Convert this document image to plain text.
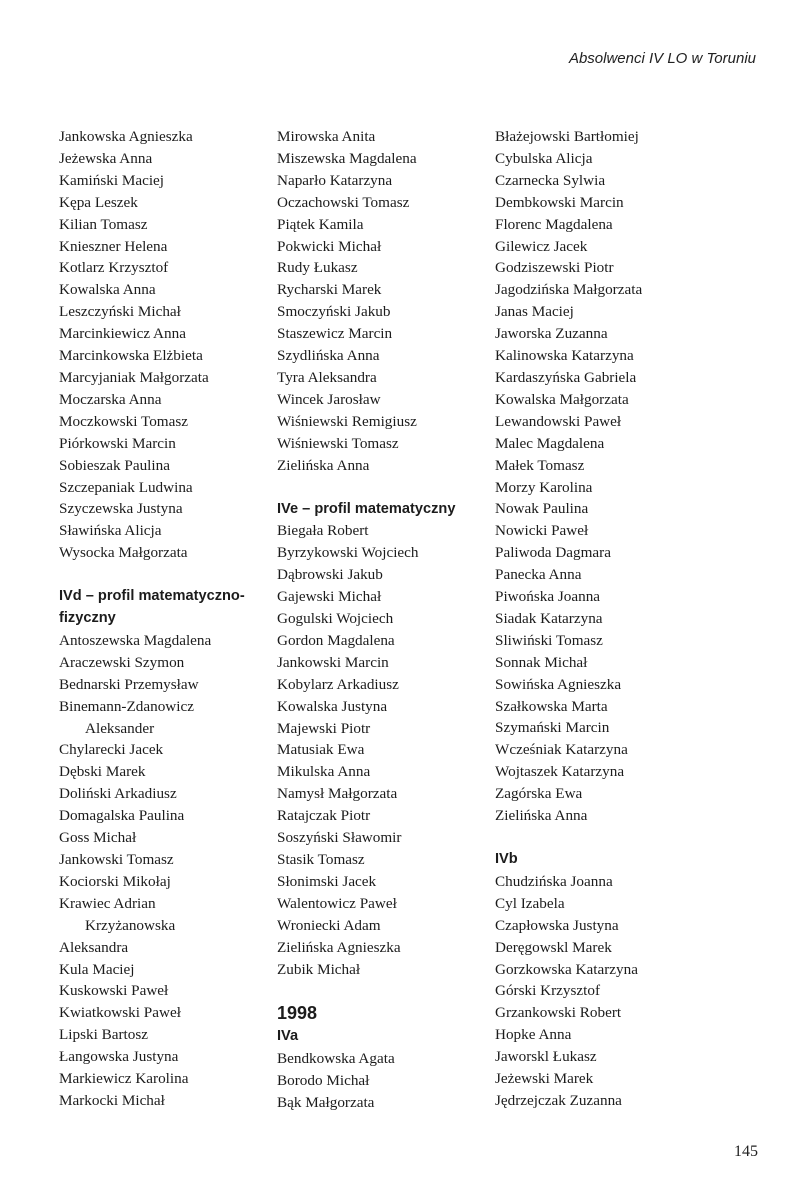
Absolwenci IV LO w Toruniu
Jankowska Agnieszka
Jeżewska Anna
Kamiński Maciej
Kępa Leszek
Kilian Tomasz
Knieszner Helena
Kotlarz Krzysztof
Kowalska Anna
Leszczyński Michał
Marcinkiewicz Anna
Marcinkowska Elżbieta
Marcyjaniak Małgorzata
Moczarska Anna
Moczkowski Tomasz
Piórkowski Marcin
Sobieszak Paulina
Szczepaniak Ludwina
Szyczewska Justyna
Sławińska Alicja
Wysocka Małgorzata
IVd – profil matematyczno-
fizyczny
Antoszewska Magdalena
Araczewski Szymon
Bednarski Przemysław
Binemann-Zdanowicz
Aleksander
Chylarecki Jacek
Dębski Marek
Doliński Arkadiusz
Domagalska Paulina
Goss Michał
Jankowski Tomasz
Kociorski Mikołaj
Krawiec Adrian
Krzyżanowska
Aleksandra
Kula Maciej
Kuskowski Paweł
Kwiatkowski Paweł
Lipski Bartosz
Łangowska Justyna
Markiewicz Karolina
Markocki Michał
Mirowska Anita
Miszewska Magdalena
Naparło Katarzyna
Oczachowski Tomasz
Piątek Kamila
Pokwicki Michał
Rudy Łukasz
Rycharski Marek
Smoczyński Jakub
Staszewicz Marcin
Szydlińska Anna
Tyra Aleksandra
Wincek Jarosław
Wiśniewski Remigiusz
Wiśniewski Tomasz
Zielińska Anna
IVe – profil matematyczny
Biegała Robert
Byrzykowski Wojciech
Dąbrowski Jakub
Gajewski Michał
Gogulski Wojciech
Gordon Magdalena
Jankowski Marcin
Kobylarz Arkadiusz
Kowalska Justyna
Majewski Piotr
Matusiak Ewa
Mikulska Anna
Namysł Małgorzata
Ratajczak Piotr
Soszyński Sławomir
Stasik Tomasz
Słonimski Jacek
Walentowicz Paweł
Wroniecki Adam
Zielińska Agnieszka
Zubik Michał
1998
IVa
Bendkowska Agata
Borodo Michał
Bąk Małgorzata
Błażejowski Bartłomiej
Cybulska Alicja
Czarnecka Sylwia
Dembkowski Marcin
Florenc Magdalena
Gilewicz Jacek
Godziszewski Piotr
Jagodzińska Małgorzata
Janas Maciej
Jaworska Zuzanna
Kalinowska Katarzyna
Kardaszyńska Gabriela
Kowalska Małgorzata
Lewandowski Paweł
Malec Magdalena
Małek Tomasz
Morzy Karolina
Nowak Paulina
Nowicki Paweł
Paliwoda Dagmara
Panecka Anna
Piwońska Joanna
Siadak Katarzyna
Sliwiński Tomasz
Sonnak Michał
Sowińska Agnieszka
Szałkowska Marta
Szymański Marcin
Wcześniak Katarzyna
Wojtaszek Katarzyna
Zagórska Ewa
Zielińska Anna
IVb
Chudzińska Joanna
Cyl Izabela
Czapłowska Justyna
Deręgowskl Marek
Gorzkowska Katarzyna
Górski Krzysztof
Grzankowski Robert
Hopke Anna
Jaworskl Łukasz
Jeżewski Marek
Jędrzejczak Zuzanna
145
